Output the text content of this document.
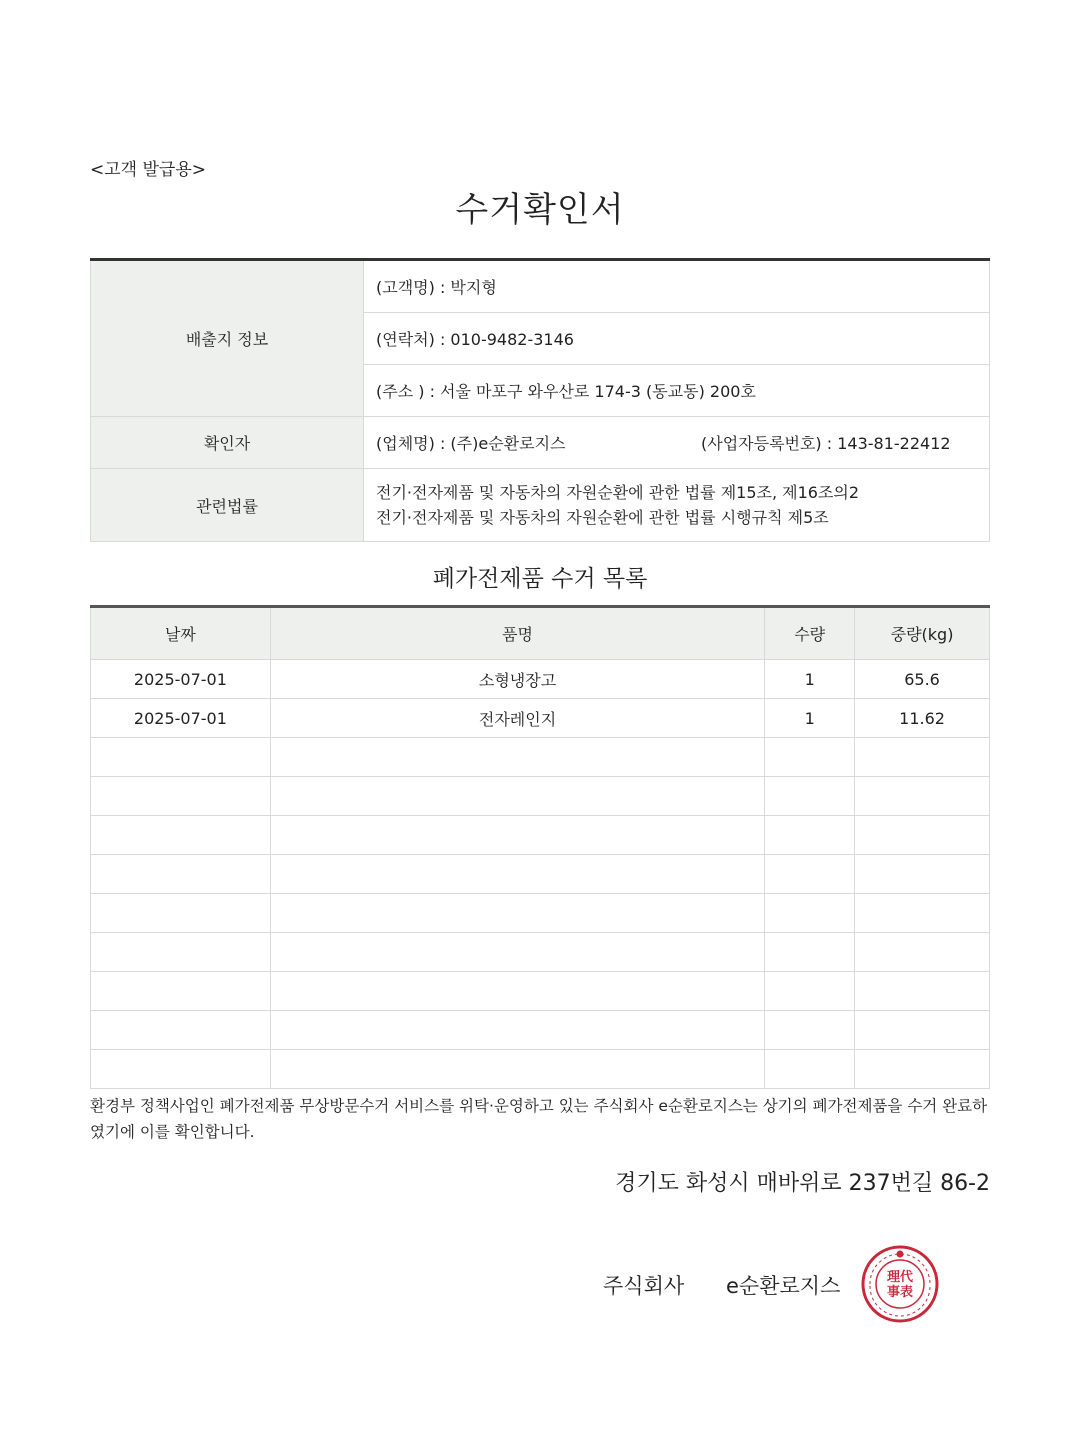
<고객 발급용>
수거확인서
배출지 정보	(고객명) : 박지형
	(연락처) : 010-9482-3146
	(주소 ) : 서울 마포구 와우산로 174-3 (동교동) 200호
확인자	(업체명) : (주)e순환로지스 (사업자등록번호) : 143-81-22412

관련법률	전기·전자제품 및 자동차의 자원순환에 관한 법률 제15조, 제16조의2
전기·전자제품 및 자동차의 자원순환에 관한 법률 시행규칙 제5조
폐가전제품 수거 목록
날짜	품명	수량	중량(kg)
2025-07-01	소형냉장고	1	65.6
2025-07-01	전자레인지	1	11.62

환경부 정책사업인 폐가전제품 무상방문수거 서비스를 위탁·운영하고 있는 주식회사 e순환로지스는 상기의 폐가전제품을 수거 완료하였기에 이를 확인합니다.
경기도 화성시 매바위로 237번길 86-2
주식회사 e순환로지스	理代
事表
